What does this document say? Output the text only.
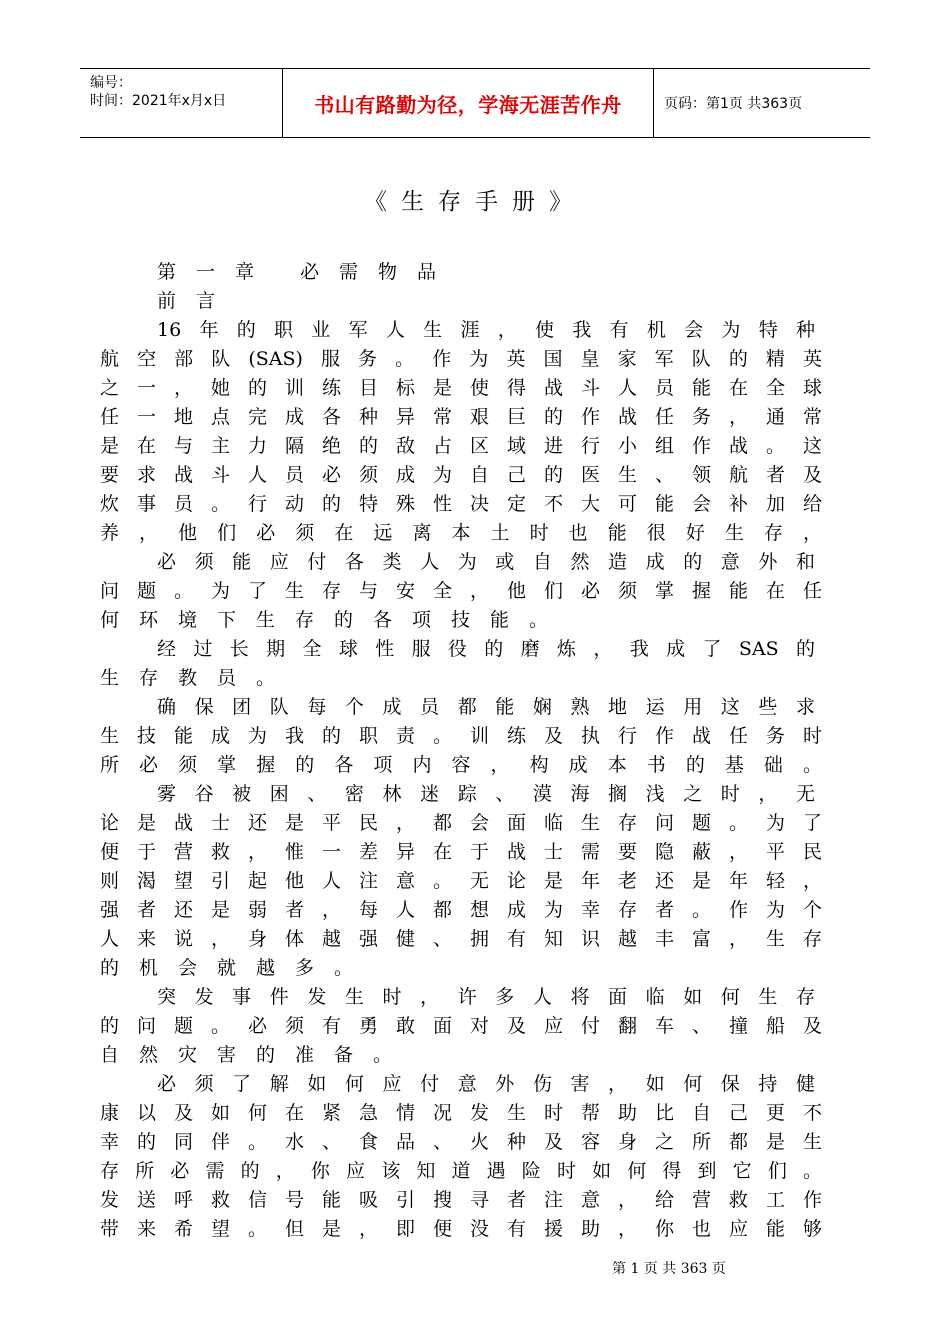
编号：
时间：2021年x月x日	书山有路勤为径，学海无涯苦作舟	页码：第1页 共363页
《生存手册》
第一章 必需物品
前言
16年的职业军人生涯，使我有机会为特种
航空部队(SAS)服务。作为英国皇家军队的精英
之一，她的训练目标是使得战斗人员能在全球
任一地点完成各种异常艰巨的作战任务，通常
是在与主力隔绝的敌占区域进行小组作战。这
要求战斗人员必须成为自己的医生、领航者及
炊事员。行动的特殊性决定不大可能会补加给
养，他们必须在远离本土时也能很好生存，
必须能应付各类人为或自然造成的意外和
问题。为了生存与安全，他们必须掌握能在任
何环境下生存的各项技能。
经过长期全球性服役的磨炼，我成了SAS的
生存教员。
确保团队每个成员都能娴熟地运用这些求
生技能成为我的职责。训练及执行作战任务时
所必须掌握的各项内容，构成本书的基础。
雾谷被困、密林迷踪、漠海搁浅之时，无
论是战士还是平民，都会面临生存问题。为了
便于营救，惟一差异在于战士需要隐蔽，平民
则渴望引起他人注意。无论是年老还是年轻，
强者还是弱者，每人都想成为幸存者。作为个
人来说，身体越强健、拥有知识越丰富，生存
的机会就越多。
突发事件发生时，许多人将面临如何生存
的问题。必须有勇敢面对及应付翻车、撞船及
自然灾害的准备。
必须了解如何应付意外伤害，如何保持健
康以及如何在紧急情况发生时帮助比自己更不
幸的同伴。水、食品、火种及容身之所都是生
存所必需的，你应该知道遇险时如何得到它们。
发送呼救信号能吸引搜寻者注意，给营救工作
带来希望。但是，即便没有援助，你也应能够
第 1 页 共 363 页
